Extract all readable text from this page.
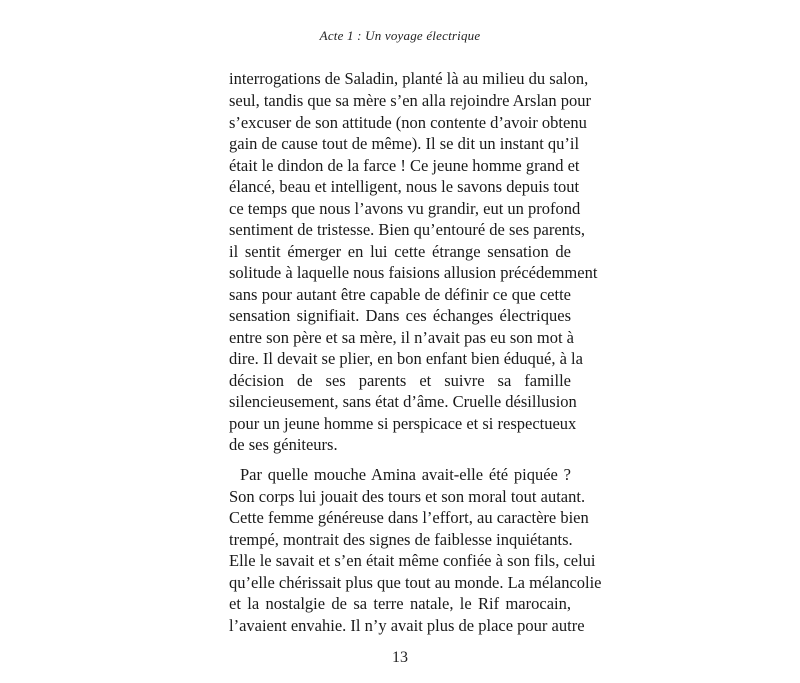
Acte 1 : Un voyage électrique
interrogations de Saladin, planté là au milieu du salon,
seul, tandis que sa mère s’en alla rejoindre Arslan pour
s’excuser de son attitude (non contente d’avoir obtenu
gain de cause tout de même). Il se dit un instant qu’il
était le dindon de la farce ! Ce jeune homme grand et
élancé, beau et intelligent, nous le savons depuis tout
ce temps que nous l’avons vu grandir, eut un profond
sentiment de tristesse. Bien qu’entouré de ses parents,
il sentit émerger en lui cette étrange sensation de
solitude à laquelle nous faisions allusion précédemment
sans pour autant être capable de définir ce que cette
sensation signifiait. Dans ces échanges électriques
entre son père et sa mère, il n’avait pas eu son mot à
dire. Il devait se plier, en bon enfant bien éduqué, à la
décision de ses parents et suivre sa famille
silencieusement, sans état d’âme. Cruelle désillusion
pour un jeune homme si perspicace et si respectueux
de ses géniteurs.
Par quelle mouche Amina avait-elle été piquée ?
Son corps lui jouait des tours et son moral tout autant.
Cette femme généreuse dans l’effort, au caractère bien
trempé, montrait des signes de faiblesse inquiétants.
Elle le savait et s’en était même confiée à son fils, celui
qu’elle chérissait plus que tout au monde. La mélancolie
et la nostalgie de sa terre natale, le Rif marocain,
l’avaient envahie. Il n’y avait plus de place pour autre
13
